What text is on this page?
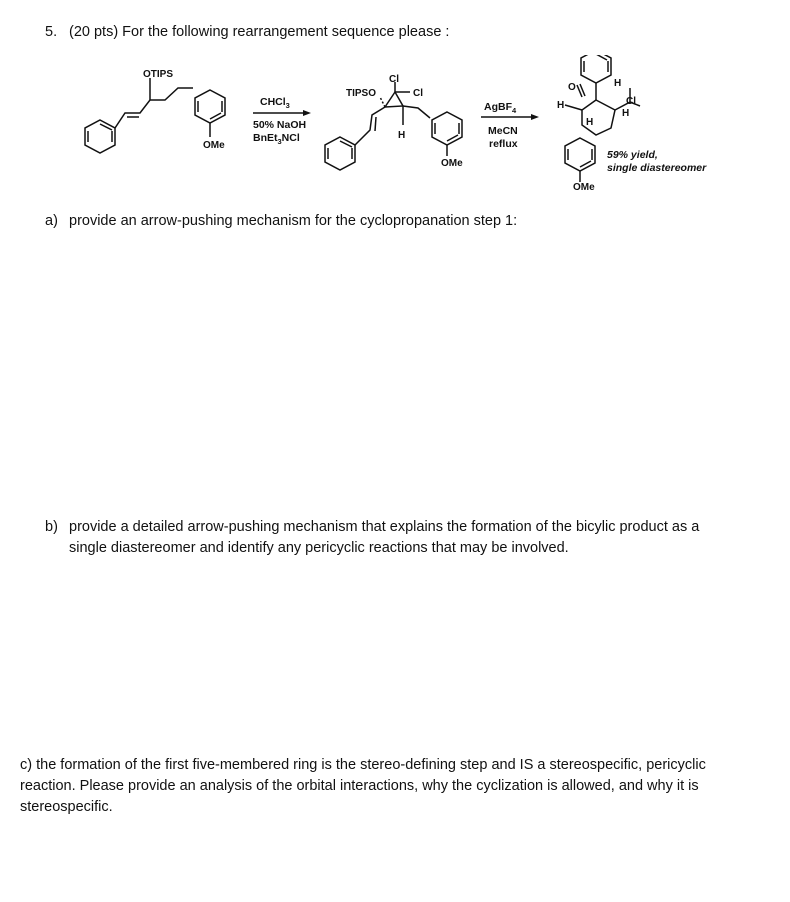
5. (20 pts) For the following rearrangement sequence please :
OTIPS
OMe
CHCl$_3$
50% NaOH
BnEt$_3$NCl
TIPSO
Cl
Cl
H
OMe
AgBF$_4$
MeCN
reflux
O
H
H
H
H
Cl
OMe
59% yield,
single diastereomer
a) provide an arrow-pushing mechanism for the cyclopropanation step 1:
b) provide a detailed arrow-pushing mechanism that explains the formation of the bicylic product as a
single diastereomer and identify any pericyclic reactions that may be involved.
c) the formation of the first five-membered ring is the stereo-defining step and IS a stereospecific, pericyclic reaction. Please provide an analysis of the orbital interactions, why the cyclization is allowed, and why it is stereospecific.
